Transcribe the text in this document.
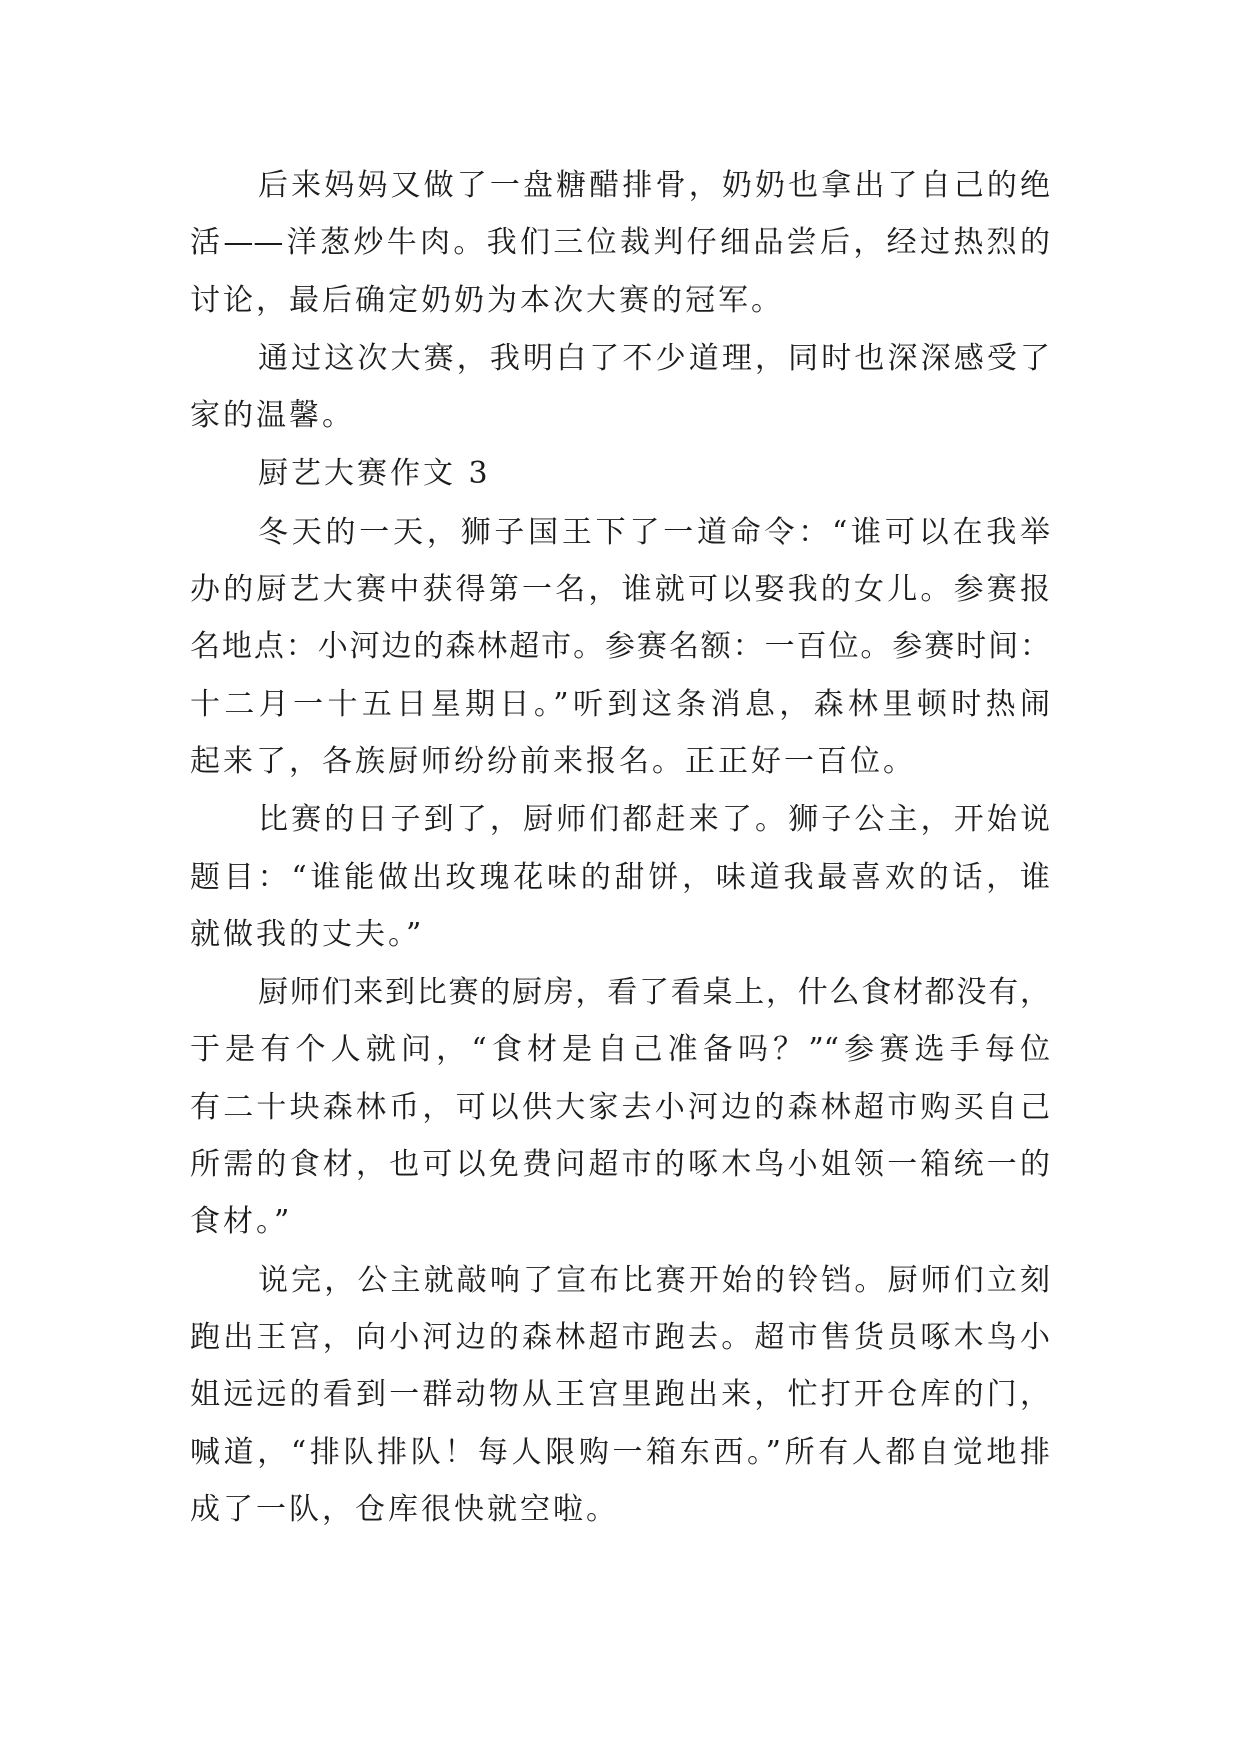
后来妈妈又做了一盘糖醋排骨，奶奶也拿出了自己的绝
活——洋葱炒牛肉。我们三位裁判仔细品尝后，经过热烈的
讨论，最后确定奶奶为本次大赛的冠军。
通过这次大赛，我明白了不少道理，同时也深深感受了
家的温馨。
厨艺大赛作文 3
冬天的一天，狮子国王下了一道命令：“谁可以在我举
办的厨艺大赛中获得第一名，谁就可以娶我的女儿。参赛报
名地点：小河边的森林超市。参赛名额：一百位。参赛时间：
十二月一十五日星期日。”听到这条消息，森林里顿时热闹
起来了，各族厨师纷纷前来报名。正正好一百位。
比赛的日子到了，厨师们都赶来了。狮子公主，开始说
题目：“谁能做出玫瑰花味的甜饼，味道我最喜欢的话，谁
就做我的丈夫。”
厨师们来到比赛的厨房，看了看桌上，什么食材都没有，
于是有个人就问，“食材是自己准备吗？”“参赛选手每位
有二十块森林币，可以供大家去小河边的森林超市购买自己
所需的食材，也可以免费问超市的啄木鸟小姐领一箱统一的
食材。”
说完，公主就敲响了宣布比赛开始的铃铛。厨师们立刻
跑出王宫，向小河边的森林超市跑去。超市售货员啄木鸟小
姐远远的看到一群动物从王宫里跑出来，忙打开仓库的门，
喊道，“排队排队！每人限购一箱东西。”所有人都自觉地排
成了一队，仓库很快就空啦。
